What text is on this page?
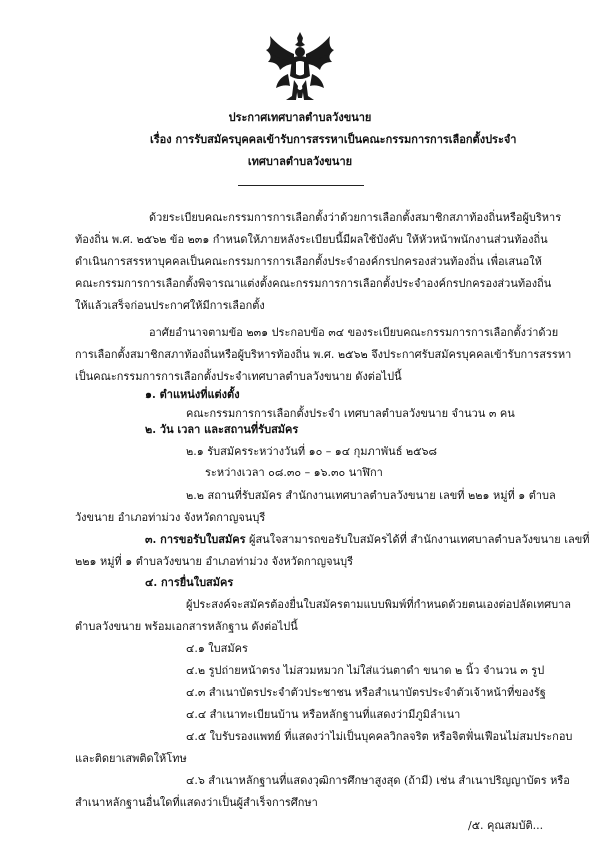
ประกาศเทศบาลตำบลวังขนาย
เรื่อง การรับสมัครบุคคลเข้ารับการสรรหาเป็นคณะกรรมการการเลือกตั้งประจำ
เทศบาลตำบลวังขนาย
ด้วยระเบียบคณะกรรมการการเลือกตั้งว่าด้วยการเลือกตั้งสมาชิกสภาท้องถิ่นหรือผู้บริหาร
ท้องถิ่น พ.ศ. ๒๕๖๒ ข้อ ๒๓๑ กำหนดให้ภายหลังระเบียบนี้มีผลใช้บังคับ ให้หัวหน้าพนักงานส่วนท้องถิ่น
ดำเนินการสรรหาบุคคลเป็นคณะกรรมการการเลือกตั้งประจำองค์กรปกครองส่วนท้องถิ่น เพื่อเสนอให้
คณะกรรมการการเลือกตั้งพิจารณาแต่งตั้งคณะกรรมการการเลือกตั้งประจำองค์กรปกครองส่วนท้องถิ่น
ให้แล้วเสร็จก่อนประกาศให้มีการเลือกตั้ง
อาศัยอำนาจตามข้อ ๒๓๑ ประกอบข้อ ๓๔ ของระเบียบคณะกรรมการการเลือกตั้งว่าด้วย
การเลือกตั้งสมาชิกสภาท้องถิ่นหรือผู้บริหารท้องถิ่น พ.ศ. ๒๕๖๒ จึงประกาศรับสมัครบุคคลเข้ารับการสรรหา
เป็นคณะกรรมการการเลือกตั้งประจำเทศบาลตำบลวังขนาย ดังต่อไปนี้
๑. ตำแหน่งที่แต่งตั้ง
คณะกรรมการการเลือกตั้งประจำ เทศบาลตำบลวังขนาย จำนวน ๓ คน
๒. วัน เวลา และสถานที่รับสมัคร
๒.๑ รับสมัครระหว่างวันที่ ๑๐ – ๑๔ กุมภาพันธ์ ๒๕๖๘
ระหว่างเวลา ๐๘.๓๐ – ๑๖.๓๐ นาฬิกา
๒.๒ สถานที่รับสมัคร สำนักงานเทศบาลตำบลวังขนาย เลขที่ ๒๒๑ หมู่ที่ ๑ ตำบล
วังขนาย อำเภอท่าม่วง จังหวัดกาญจนบุรี
๓. การขอรับใบสมัคร ผู้สนใจสามารถขอรับใบสมัครได้ที่ สำนักงานเทศบาลตำบลวังขนาย เลขที่
๒๒๑ หมู่ที่ ๑ ตำบลวังขนาย อำเภอท่าม่วง จังหวัดกาญจนบุรี
๔. การยื่นใบสมัคร
ผู้ประสงค์จะสมัครต้องยื่นใบสมัครตามแบบพิมพ์ที่กำหนดด้วยตนเองต่อปลัดเทศบาล
ตำบลวังขนาย พร้อมเอกสารหลักฐาน ดังต่อไปนี้
๔.๑ ใบสมัคร
๔.๒ รูปถ่ายหน้าตรง ไม่สวมหมวก ไม่ใส่แว่นตาดำ ขนาด ๒ นิ้ว จำนวน ๓ รูป
๔.๓ สำเนาบัตรประจำตัวประชาชน หรือสำเนาบัตรประจำตัวเจ้าหน้าที่ของรัฐ
๔.๔ สำเนาทะเบียนบ้าน หรือหลักฐานที่แสดงว่ามีภูมิลำเนา
๔.๕ ใบรับรองแพทย์ ที่แสดงว่าไม่เป็นบุคคลวิกลจริต หรือจิตฟั่นเฟือนไม่สมประกอบ
และติดยาเสพติดให้โทษ
๔.๖ สำเนาหลักฐานที่แสดงวุฒิการศึกษาสูงสุด (ถ้ามี) เช่น สำเนาปริญญาบัตร หรือ
สำเนาหลักฐานอื่นใดที่แสดงว่าเป็นผู้สำเร็จการศึกษา
/๕. คุณสมบัติ...
